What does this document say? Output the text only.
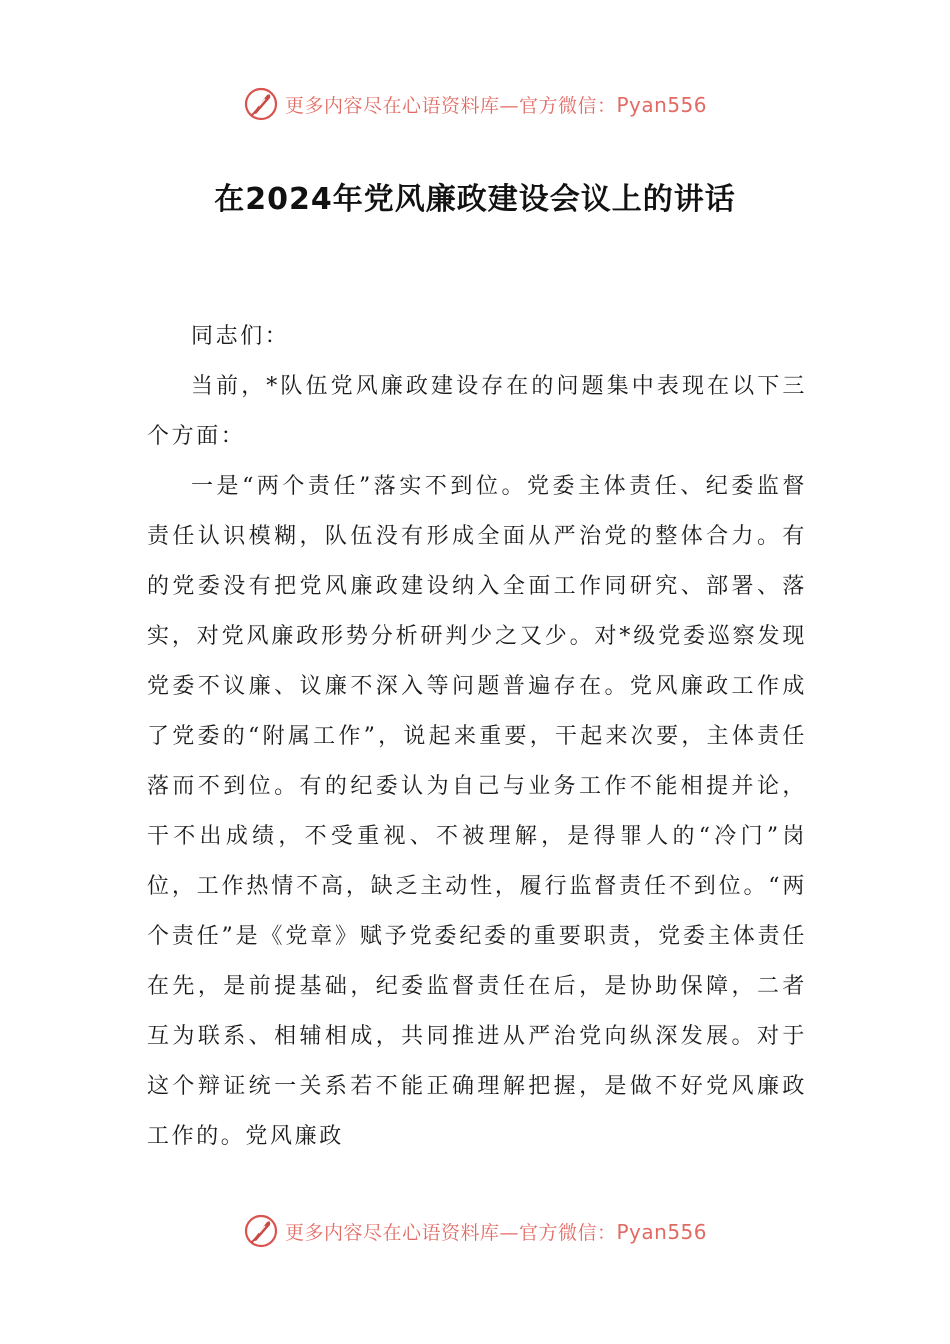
更多内容尽在心语资料库—官方微信：Pyan556
在2024年党风廉政建设会议上的讲话

同志们：

当前，*队伍党风廉政建设存在的问题集中表现在以下三个方面：

一是“两个责任”落实不到位。党委主体责任、纪委监督责任认识模糊，队伍没有形成全面从严治党的整体合力。有的党委没有把党风廉政建设纳入全面工作同研究、部署、落实，对党风廉政形势分析研判少之又少。对*级党委巡察发现党委不议廉、议廉不深入等问题普遍存在。党风廉政工作成了党委的“附属工作”，说起来重要，干起来次要，主体责任落而不到位。有的纪委认为自己与业务工作不能相提并论，干不出成绩，不受重视、不被理解，是得罪人的“冷门”岗位，工作热情不高，缺乏主动性，履行监督责任不到位。“两个责任”是《党章》赋予党委纪委的重要职责，党委主体责任在先，是前提基础，纪委监督责任在后，是协助保障，二者互为联系、相辅相成，共同推进从严治党向纵深发展。对于这个辩证统一关系若不能正确理解把握，是做不好党风廉政工作的。党风廉政

更多内容尽在心语资料库—官方微信：Pyan556
